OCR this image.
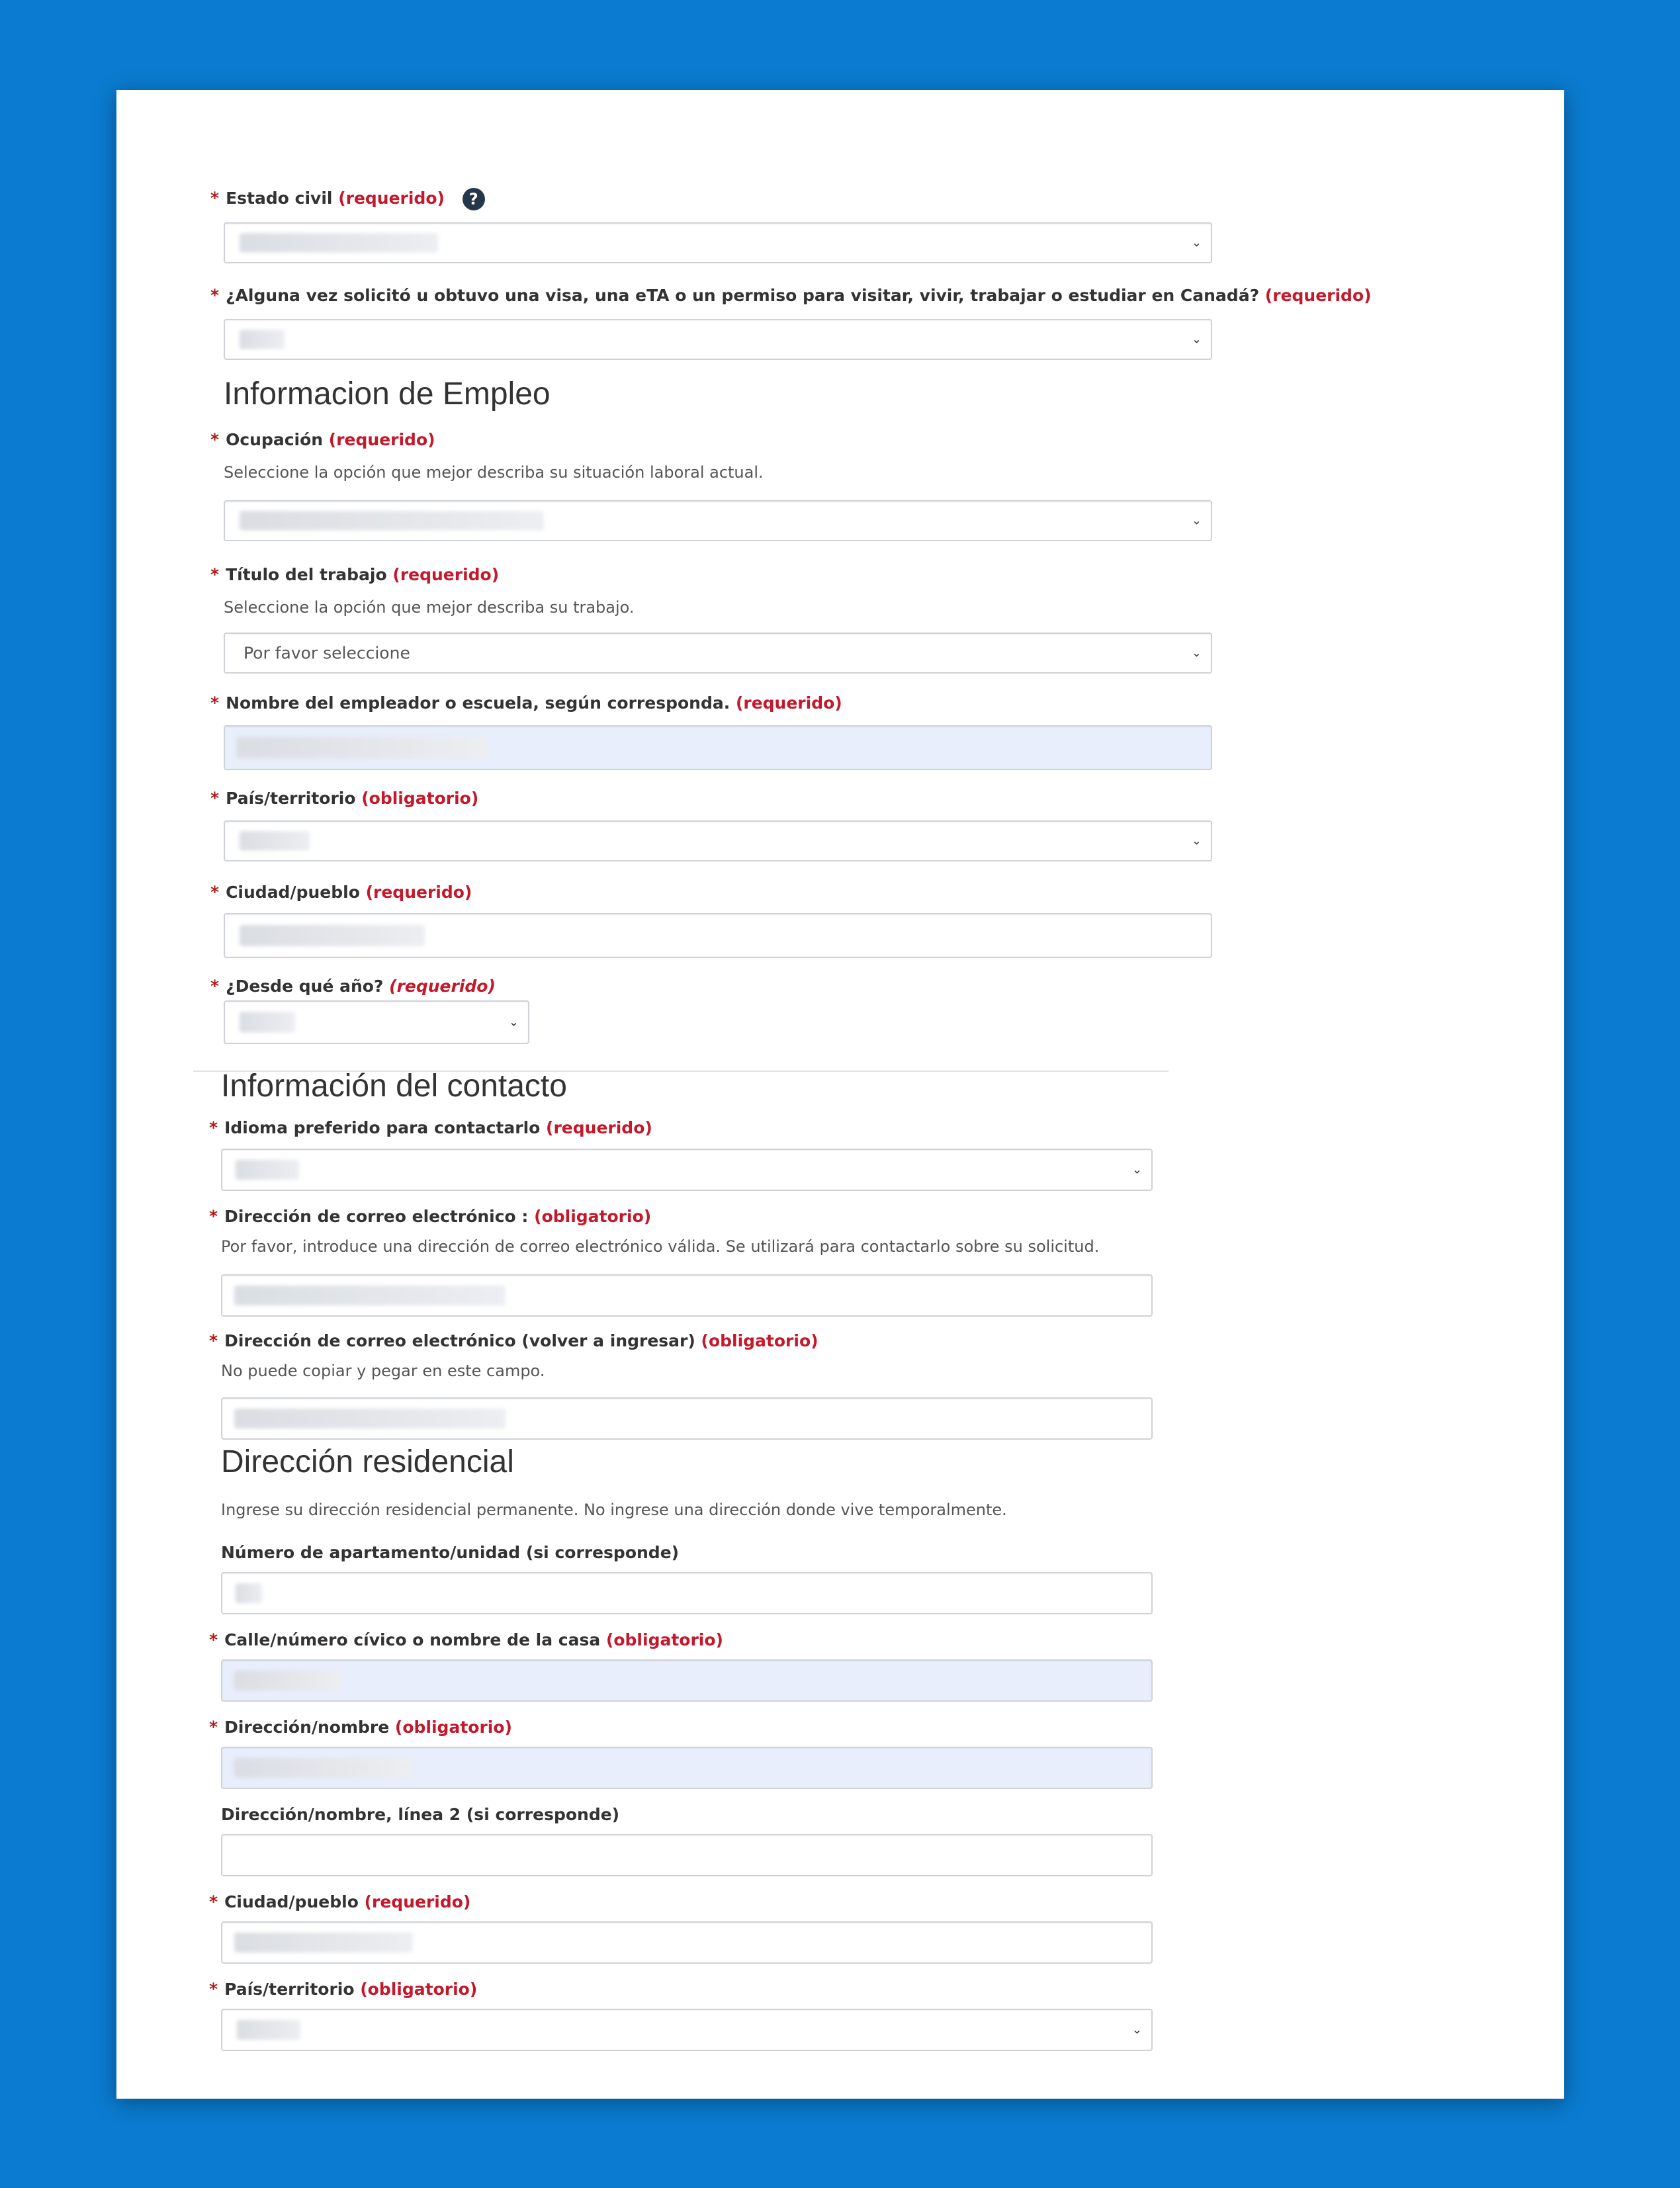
* Estado civil (requerido) ?
⌄
* ¿Alguna vez solicitó u obtuvo una visa, una eTA o un permiso para visitar, vivir, trabajar o estudiar en Canadá? (requerido)
⌄
Informacion de Empleo
* Ocupación (requerido)
Seleccione la opción que mejor describa su situación laboral actual.
⌄
* Título del trabajo (requerido)
Seleccione la opción que mejor describa su trabajo.
Por favor seleccione	⌄
* Nombre del empleador o escuela, según corresponda. (requerido)
* País/territorio (obligatorio)
⌄
* Ciudad/pueblo (requerido)
* ¿Desde qué año? (requerido)
⌄
Información del contacto
* Idioma preferido para contactarlo (requerido)
⌄
* Dirección de correo electrónico : (obligatorio)
Por favor, introduce una dirección de correo electrónico válida. Se utilizará para contactarlo sobre su solicitud.
* Dirección de correo electrónico (volver a ingresar) (obligatorio)
No puede copiar y pegar en este campo.
Dirección residencial
Ingrese su dirección residencial permanente. No ingrese una dirección donde vive temporalmente.
Número de apartamento/unidad (si corresponde)
* Calle/número cívico o nombre de la casa (obligatorio)
* Dirección/nombre (obligatorio)
Dirección/nombre, línea 2 (si corresponde)
* Ciudad/pueblo (requerido)
* País/territorio (obligatorio)
⌄
